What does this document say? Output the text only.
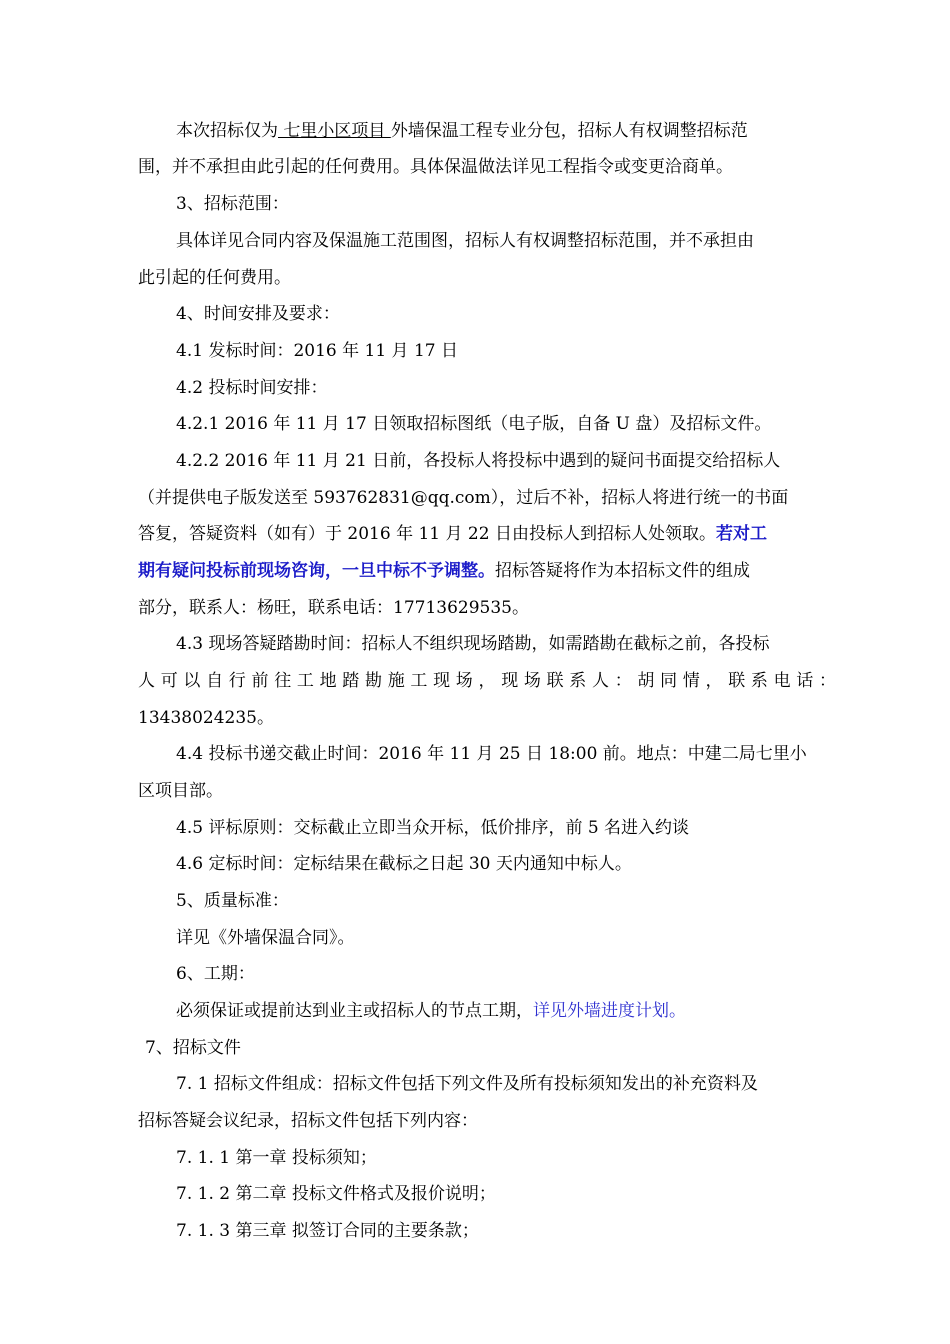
本次招标仅为 七里小区项目 外墙保温工程专业分包，招标人有权调整招标范

围，并不承担由此引起的任何费用。具体保温做法详见工程指令或变更洽商单。

3、招标范围：

具体详见合同内容及保温施工范围图，招标人有权调整招标范围，并不承担由

此引起的任何费用。

4、时间安排及要求：

4.1 发标时间：2016 年 11 月 17 日

4.2 投标时间安排：

4.2.1 2016 年 11 月 17 日领取招标图纸（电子版，自备 U 盘）及招标文件。

4.2.2 2016 年 11 月 21 日前，各投标人将投标中遇到的疑问书面提交给招标人

（并提供电子版发送至 593762831@qq.com），过后不补，招标人将进行统一的书面

答复，答疑资料（如有）于 2016 年 11 月 22 日由投标人到招标人处领取。若对工

期有疑问投标前现场咨询，一旦中标不予调整。招标答疑将作为本招标文件的组成

部分，联系人：杨旺，联系电话：17713629535。

4.3 现场答疑踏勘时间：招标人不组织现场踏勘，如需踏勘在截标之前，各投标

人可以自行前往工地踏勘施工现场，现场联系人：胡同情，联系电话：

13438024235。

4.4 投标书递交截止时间：2016 年 11 月 25 日 18:00 前。地点：中建二局七里小

区项目部。

4.5 评标原则：交标截止立即当众开标，低价排序，前 5 名进入约谈

4.6 定标时间：定标结果在截标之日起 30 天内通知中标人。

5、质量标准：

详见《外墙保温合同》。

6、工期：

必须保证或提前达到业主或招标人的节点工期，详见外墙进度计划。

7、招标文件

7. 1 招标文件组成：招标文件包括下列文件及所有投标须知发出的补充资料及

招标答疑会议纪录，招标文件包括下列内容：

7. 1. 1 第一章 投标须知；

7. 1. 2 第二章 投标文件格式及报价说明；

7. 1. 3 第三章 拟签订合同的主要条款；
